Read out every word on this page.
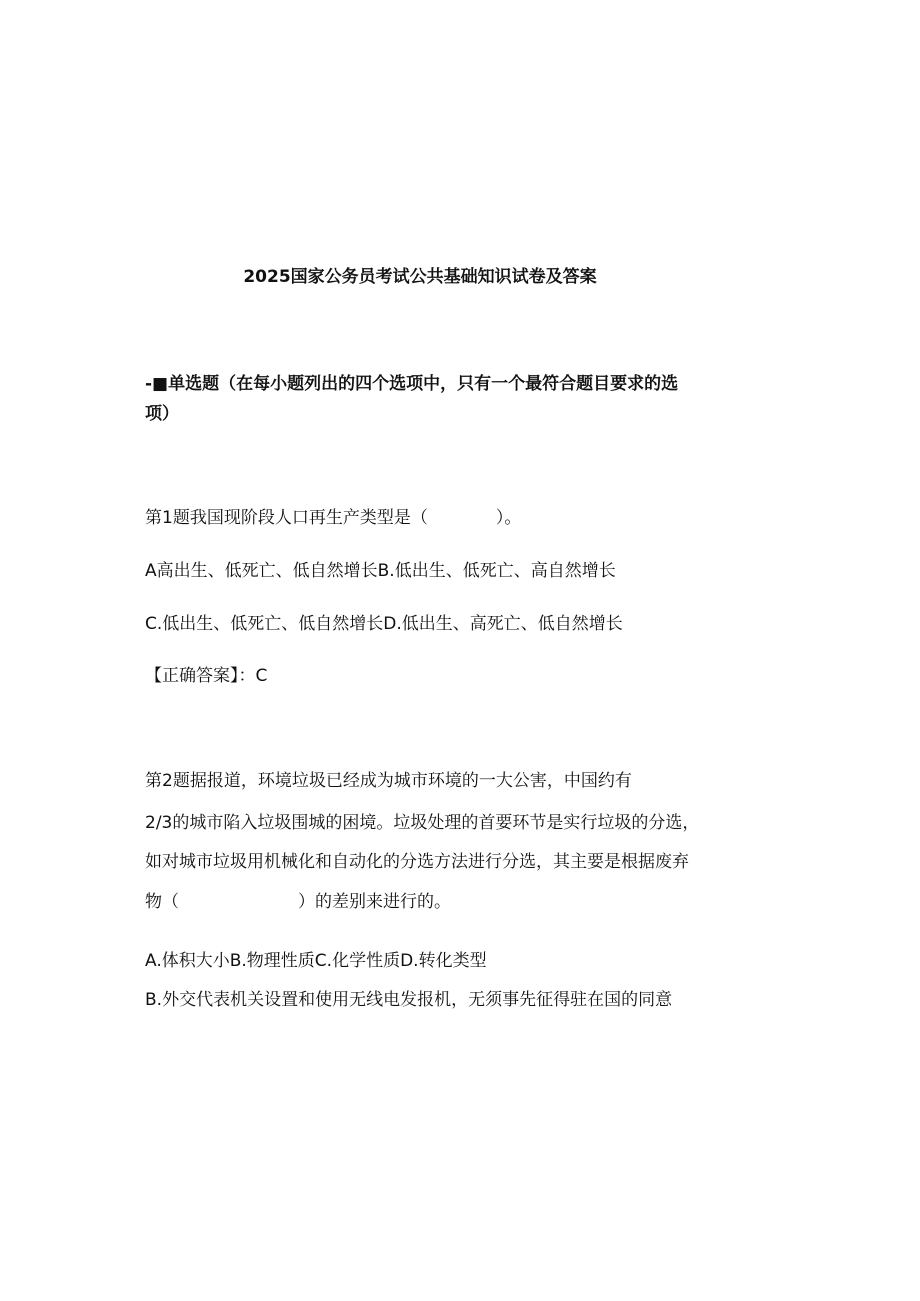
2025国家公务员考试公共基础知识试卷及答案
-■单选题（在每小题列出的四个选项中，只有一个最符合题目要求的选
项）
第1题我国现阶段人口再生产类型是（　　　　）。
A高出生、低死亡、低自然增长B.低出生、低死亡、高自然增长
C.低出生、低死亡、低自然增长D.低出生、高死亡、低自然增长
【正确答案】：C
第2题据报道，环境垃圾已经成为城市环境的一大公害，中国约有
2/3的城市陷入垃圾围城的困境。垃圾处理的首要环节是实行垃圾的分选，
如对城市垃圾用机械化和自动化的分选方法进行分选，其主要是根据废弃
物（　　　　　　　）的差别来进行的。
A.体积大小B.物理性质C.化学性质D.转化类型
B.外交代表机关设置和使用无线电发报机，无须事先征得驻在国的同意
